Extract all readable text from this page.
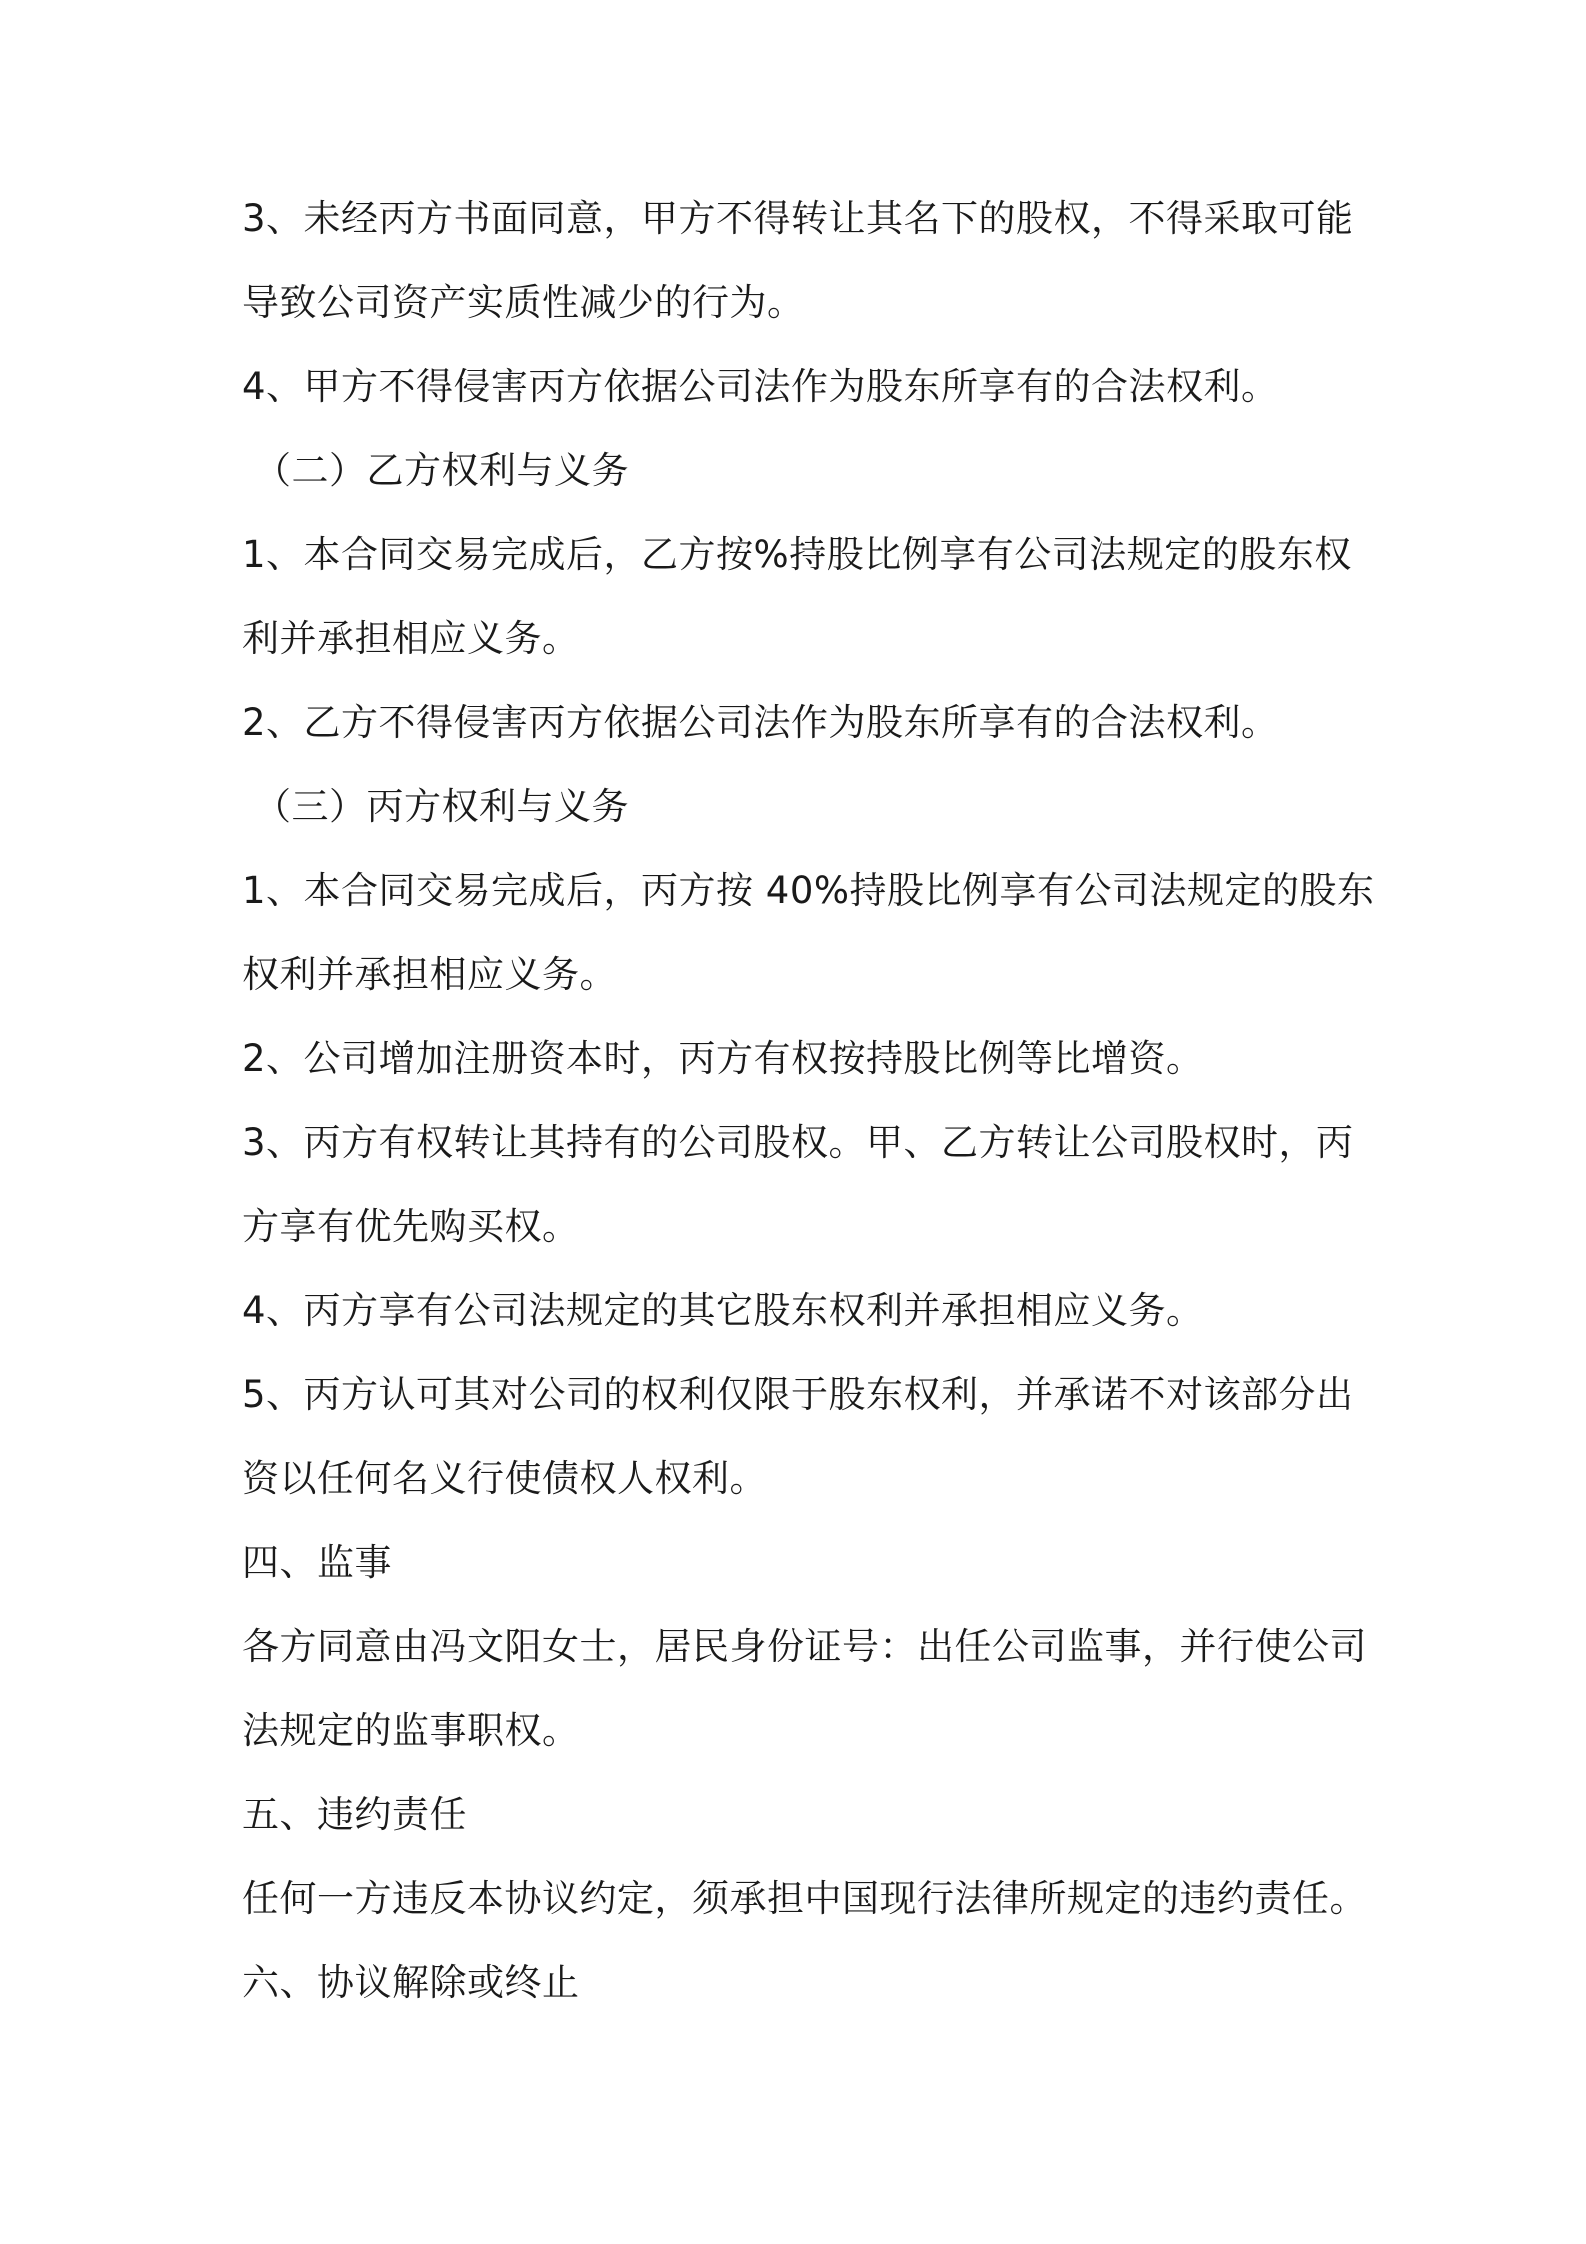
3、未经丙方书面同意，甲方不得转让其名下的股权，不得采取可能
导致公司资产实质性减少的行为。
4、甲方不得侵害丙方依据公司法作为股东所享有的合法权利。
（二）乙方权利与义务
1、本合同交易完成后，乙方按%持股比例享有公司法规定的股东权
利并承担相应义务。
2、乙方不得侵害丙方依据公司法作为股东所享有的合法权利。
（三）丙方权利与义务
1、本合同交易完成后，丙方按 40%持股比例享有公司法规定的股东
权利并承担相应义务。
2、公司增加注册资本时，丙方有权按持股比例等比增资。
3、丙方有权转让其持有的公司股权。甲、乙方转让公司股权时，丙
方享有优先购买权。
4、丙方享有公司法规定的其它股东权利并承担相应义务。
5、丙方认可其对公司的权利仅限于股东权利，并承诺不对该部分出
资以任何名义行使债权人权利。
四、监事
各方同意由冯文阳女士，居民身份证号：出任公司监事，并行使公司
法规定的监事职权。
五、违约责任
任何一方违反本协议约定，须承担中国现行法律所规定的违约责任。
六、协议解除或终止
